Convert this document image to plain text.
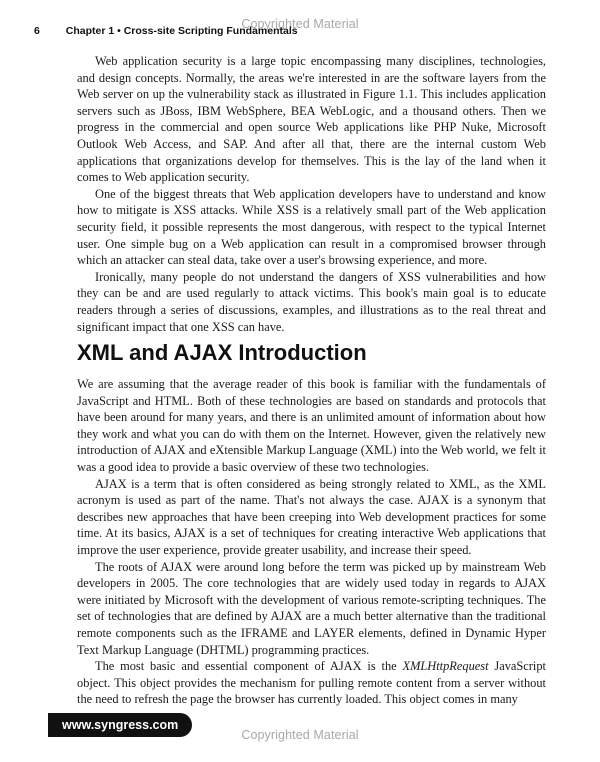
Copyrighted Material
6 Chapter 1 • Cross-site Scripting Fundamentals

Web application security is a large topic encompassing many disciplines, technologies, and design concepts. Normally, the areas we're interested in are the software layers from the Web server on up the vulnerability stack as illustrated in Figure 1.1. This includes application servers such as JBoss, IBM WebSphere, BEA WebLogic, and a thousand others. Then we progress in the commercial and open source Web applications like PHP Nuke, Microsoft Outlook Web Access, and SAP. And after all that, there are the internal custom Web applications that organizations develop for themselves. This is the lay of the land when it comes to Web application security.

One of the biggest threats that Web application developers have to understand and know how to mitigate is XSS attacks. While XSS is a relatively small part of the Web application security field, it possible represents the most dangerous, with respect to the typical Internet user. One simple bug on a Web application can result in a compromised browser through which an attacker can steal data, take over a user's browsing experience, and more.

Ironically, many people do not understand the dangers of XSS vulnerabilities and how they can be and are used regularly to attack victims. This book's main goal is to educate readers through a series of discussions, examples, and illustrations as to the real threat and significant impact that one XSS can have.

XML and AJAX Introduction

We are assuming that the average reader of this book is familiar with the fundamentals of JavaScript and HTML. Both of these technologies are based on standards and protocols that have been around for many years, and there is an unlimited amount of information about how they work and what you can do with them on the Internet. However, given the relatively new introduction of AJAX and eXtensible Markup Language (XML) into the Web world, we felt it was a good idea to provide a basic overview of these two technologies.

AJAX is a term that is often considered as being strongly related to XML, as the XML acronym is used as part of the name. That's not always the case. AJAX is a synonym that describes new approaches that have been creeping into Web development practices for some time. At its basics, AJAX is a set of techniques for creating interactive Web applications that improve the user experience, provide greater usability, and increase their speed.

The roots of AJAX were around long before the term was picked up by mainstream Web developers in 2005. The core technologies that are widely used today in regards to AJAX were initiated by Microsoft with the development of various remote-scripting techniques. The set of technologies that are defined by AJAX are a much better alternative than the traditional remote components such as the IFRAME and LAYER elements, defined in Dynamic Hyper Text Markup Language (DHTML) programming practices.

The most basic and essential component of AJAX is the XMLHttpRequest JavaScript object. This object provides the mechanism for pulling remote content from a server without the need to refresh the page the browser has currently loaded. This object comes in many

www.syngress.com
Copyrighted Material
